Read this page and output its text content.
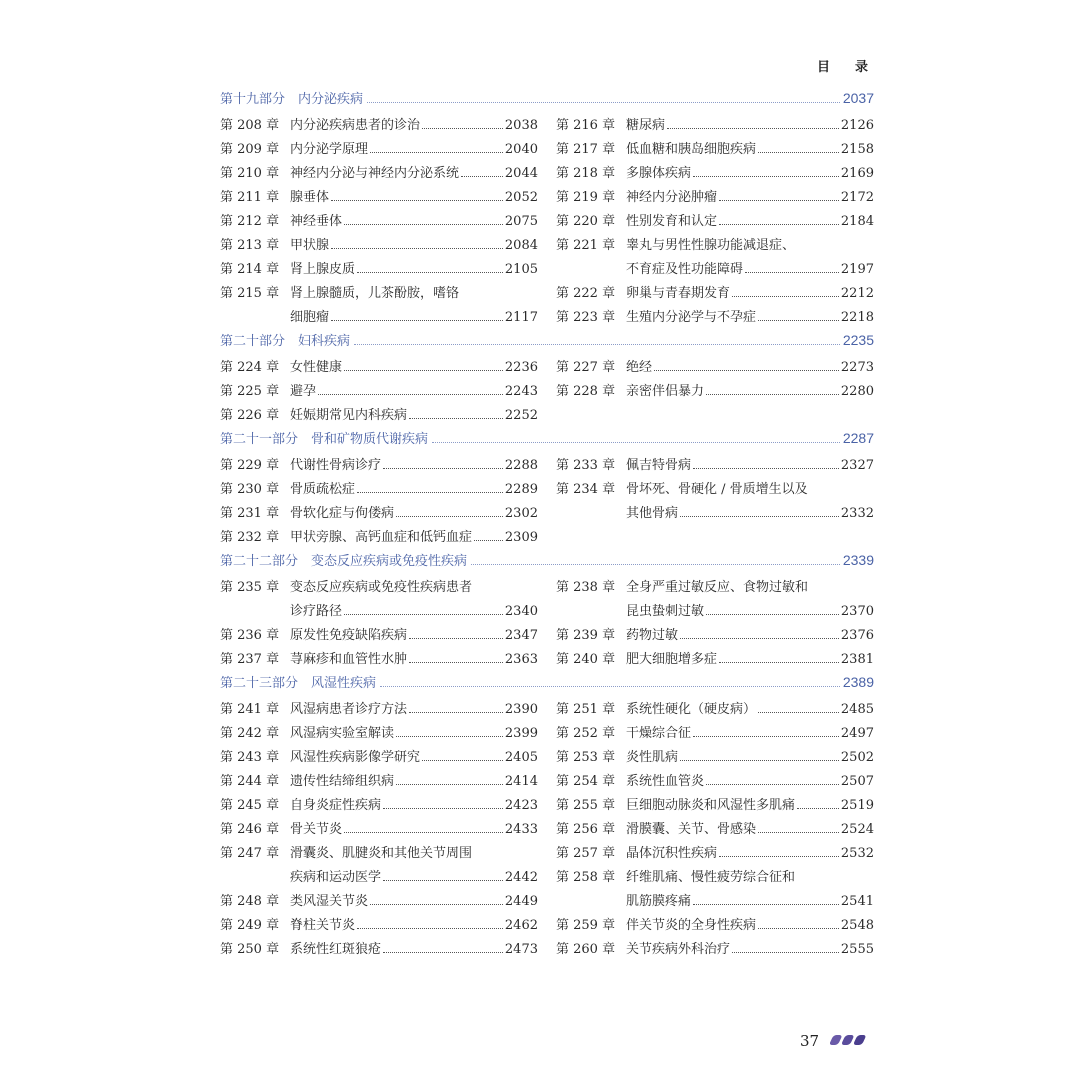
目　录
第十九部分　内分泌疾病	2037
第 208 章 内分泌疾病患者的诊治	2038
第 209 章 内分泌学原理	2040
第 210 章 神经内分泌与神经内分泌系统	2044
第 211 章 腺垂体	2052
第 212 章 神经垂体	2075
第 213 章 甲状腺	2084
第 214 章 肾上腺皮质	2105
第 215 章 肾上腺髓质，儿茶酚胺，嗜铬
细胞瘤	2117
第 216 章 糖尿病	2126
第 217 章 低血糖和胰岛细胞疾病	2158
第 218 章 多腺体疾病	2169
第 219 章 神经内分泌肿瘤	2172
第 220 章 性别发育和认定	2184
第 221 章 睾丸与男性性腺功能减退症、
不育症及性功能障碍	2197
第 222 章 卵巢与青春期发育	2212
第 223 章 生殖内分泌学与不孕症	2218
第二十部分　妇科疾病	2235
第 224 章 女性健康	2236
第 225 章 避孕	2243
第 226 章 妊娠期常见内科疾病	2252
第 227 章 绝经	2273
第 228 章 亲密伴侣暴力	2280
第二十一部分　骨和矿物质代谢疾病	2287
第 229 章 代谢性骨病诊疗	2288
第 230 章 骨质疏松症	2289
第 231 章 骨软化症与佝偻病	2302
第 232 章 甲状旁腺、高钙血症和低钙血症	2309
第 233 章 佩吉特骨病	2327
第 234 章 骨坏死、骨硬化 / 骨质增生以及
其他骨病	2332
第二十二部分　变态反应疾病或免疫性疾病	2339
第 235 章 变态反应疾病或免疫性疾病患者
诊疗路径	2340
第 236 章 原发性免疫缺陷疾病	2347
第 237 章 荨麻疹和血管性水肿	2363
第 238 章 全身严重过敏反应、食物过敏和
昆虫蛰刺过敏	2370
第 239 章 药物过敏	2376
第 240 章 肥大细胞增多症	2381
第二十三部分　风湿性疾病	2389
第 241 章 风湿病患者诊疗方法	2390
第 242 章 风湿病实验室解读	2399
第 243 章 风湿性疾病影像学研究	2405
第 244 章 遗传性结缔组织病	2414
第 245 章 自身炎症性疾病	2423
第 246 章 骨关节炎	2433
第 247 章 滑囊炎、肌腱炎和其他关节周围
疾病和运动医学	2442
第 248 章 类风湿关节炎	2449
第 249 章 脊柱关节炎	2462
第 250 章 系统性红斑狼疮	2473
第 251 章 系统性硬化（硬皮病）	2485
第 252 章 干燥综合征	2497
第 253 章 炎性肌病	2502
第 254 章 系统性血管炎	2507
第 255 章 巨细胞动脉炎和风湿性多肌痛	2519
第 256 章 滑膜囊、关节、骨感染	2524
第 257 章 晶体沉积性疾病	2532
第 258 章 纤维肌痛、慢性疲劳综合征和
肌筋膜疼痛	2541
第 259 章 伴关节炎的全身性疾病	2548
第 260 章 关节疾病外科治疗	2555
37
